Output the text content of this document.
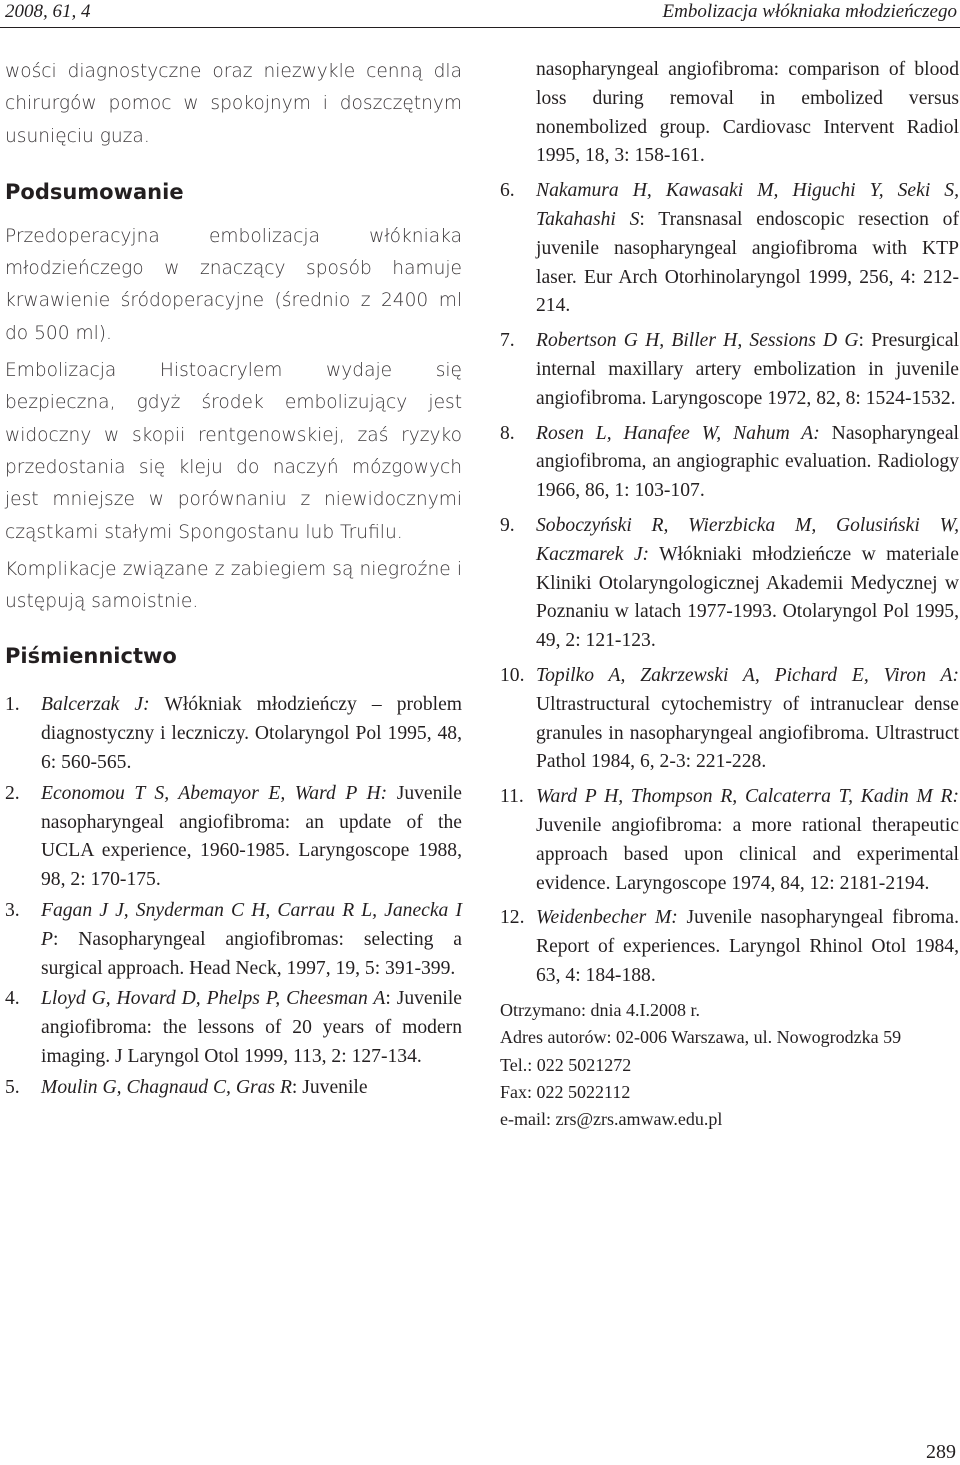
2008, 61, 4	Embolizacja włókniaka młodzieńczego

wości diagnostyczne oraz niezwykle cenną dla chirurgów pomoc w spokojnym i doszczętnym usunięciu guza.

Podsumowanie

Przedoperacyjna embolizacja włókniaka młodzieńczego w znaczący sposób hamuje krwawienie śródoperacyjne (średnio z 2400 ml do 500 ml).

Embolizacja Histoacrylem wydaje się bezpieczna, gdyż środek embolizujący jest widoczny w skopii rentgenowskiej, zaś ryzyko przedostania się kleju do naczyń mózgowych jest mniejsze w porównaniu z niewidocznymi cząstkami stałymi Spongostanu lub Trufilu.

Komplikacje związane z zabiegiem są niegroźne i ustępują samoistnie.

Piśmiennictwo
1. Balcerzak J: Włókniak młodzieńczy – problem diagnostyczny i leczniczy. Otolaryngol Pol 1995, 48, 6: 560-565.
2. Economou T S, Abemayor E, Ward P H: Juvenile nasopharyngeal angiofibroma: an update of the UCLA experience, 1960-1985. Laryngoscope 1988, 98, 2: 170-175.
3. Fagan J J, Snyderman C H, Carrau R L, Janecka I P: Nasopharyngeal angiofibromas: selecting a surgical approach. Head Neck, 1997, 19, 5: 391-399.
4. Lloyd G, Hovard D, Phelps P, Cheesman A: Juvenile angiofibroma: the lessons of 20 years of modern imaging. J Laryngol Otol 1999, 113, 2: 127-134.
5. Moulin G, Chagnaud C, Gras R: Juvenile
nasopharyngeal angiofibroma: comparison of blood loss during removal in embolized versus nonembolized group. Cardiovasc Intervent Radiol 1995, 18, 3: 158-161.
6. Nakamura H, Kawasaki M, Higuchi Y, Seki S, Takahashi S: Transnasal endoscopic resection of juvenile nasopharyngeal angiofibroma with KTP laser. Eur Arch Otorhinolaryngol 1999, 256, 4: 212-214.
7. Robertson G H, Biller H, Sessions D G: Presurgical internal maxillary artery embolization in juvenile angiofibroma. Laryngoscope 1972, 82, 8: 1524-1532.
8. Rosen L, Hanafee W, Nahum A: Nasopharyngeal angiofibroma, an angiographic evaluation. Radiology 1966, 86, 1: 103-107.
9. Soboczyński R, Wierzbicka M, Golusiński W, Kaczmarek J: Włókniaki młodzieńcze w materiale Kliniki Otolaryngologicznej Akademii Medycznej w Poznaniu w latach 1977-1993. Otolaryngol Pol 1995, 49, 2: 121-123.
10. Topilko A, Zakrzewski A, Pichard E, Viron A: Ultrastructural cytochemistry of intranuclear dense granules in nasopharyngeal angiofibroma. Ultrastruct Pathol 1984, 6, 2-3: 221-228.
11. Ward P H, Thompson R, Calcaterra T, Kadin M R: Juvenile angiofibroma: a more rational therapeutic approach based upon clinical and experimental evidence. Laryngoscope 1974, 84, 12: 2181-2194.
12. Weidenbecher M: Juvenile nasopharyngeal fibroma. Report of experiences. Laryngol Rhinol Otol 1984, 63, 4: 184-188.
Otrzymano: dnia 4.I.2008 r.
Adres autorów: 02-006 Warszawa, ul. Nowogrodzka 59
Tel.: 022 5021272
Fax: 022 5022112
e-mail: zrs@zrs.amwaw.edu.pl
289
